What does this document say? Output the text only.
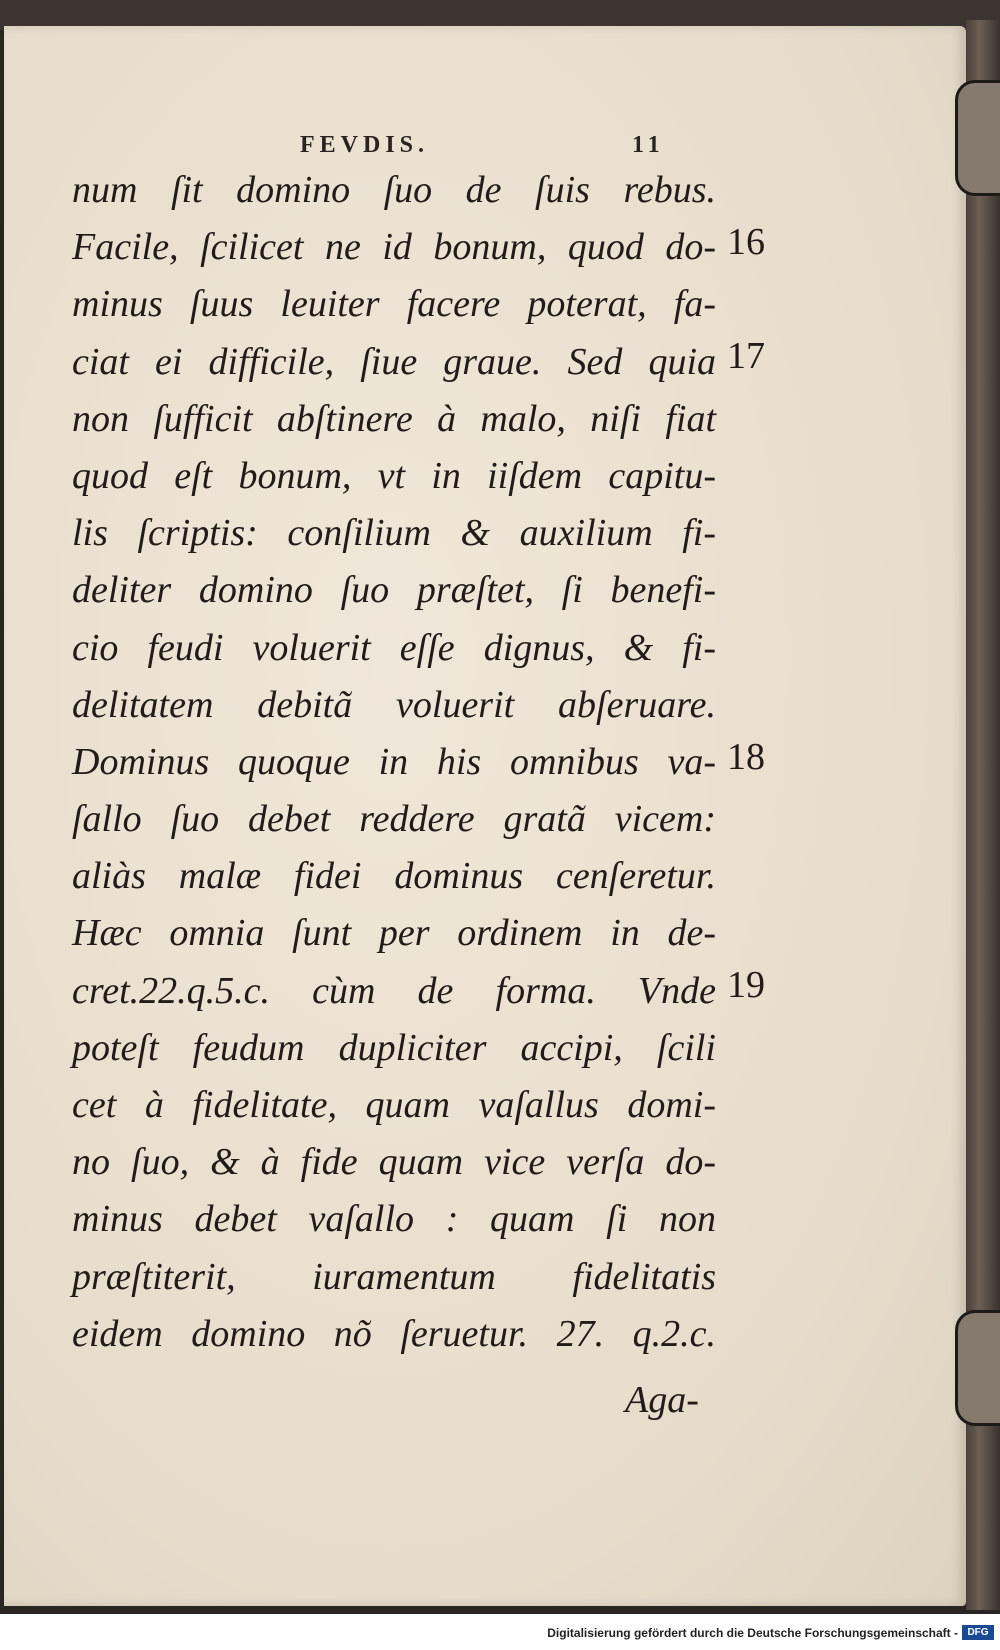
FEVDIS.	11
num ſit domino ſuo de ſuis rebus.
Facile, ſcilicet ne id bonum, quod do-
minus ſuus leuiter facere poterat, fa-
ciat ei difficile, ſiue graue. Sed quia
non ſufficit abſtinere à malo, niſi fiat
quod eſt bonum, vt in iiſdem capitu-
lis ſcriptis: conſilium & auxilium fi-
deliter domino ſuo præſtet, ſi benefi-
cio feudi voluerit eſſe dignus, & fi-
delitatem debitã voluerit abſeruare.
Dominus quoque in his omnibus va-
ſallo ſuo debet reddere gratã vicem:
aliàs malæ fidei dominus cenſeretur.
Hæc omnia ſunt per ordinem in de-
cret.22.q.5.c. cùm de forma. Vnde
poteſt feudum dupliciter accipi, ſcili
cet à fidelitate, quam vaſallus domi-
no ſuo, & à fide quam vice verſa do-
minus debet vaſallo : quam ſi non
præſtiterit, iuramentum fidelitatis
eidem domino nõ ſeruetur. 27. q.2.c.
16
17
18
19
Aga-
Digitalisierung gefördert durch die Deutsche Forschungsgemeinschaft - DFG
